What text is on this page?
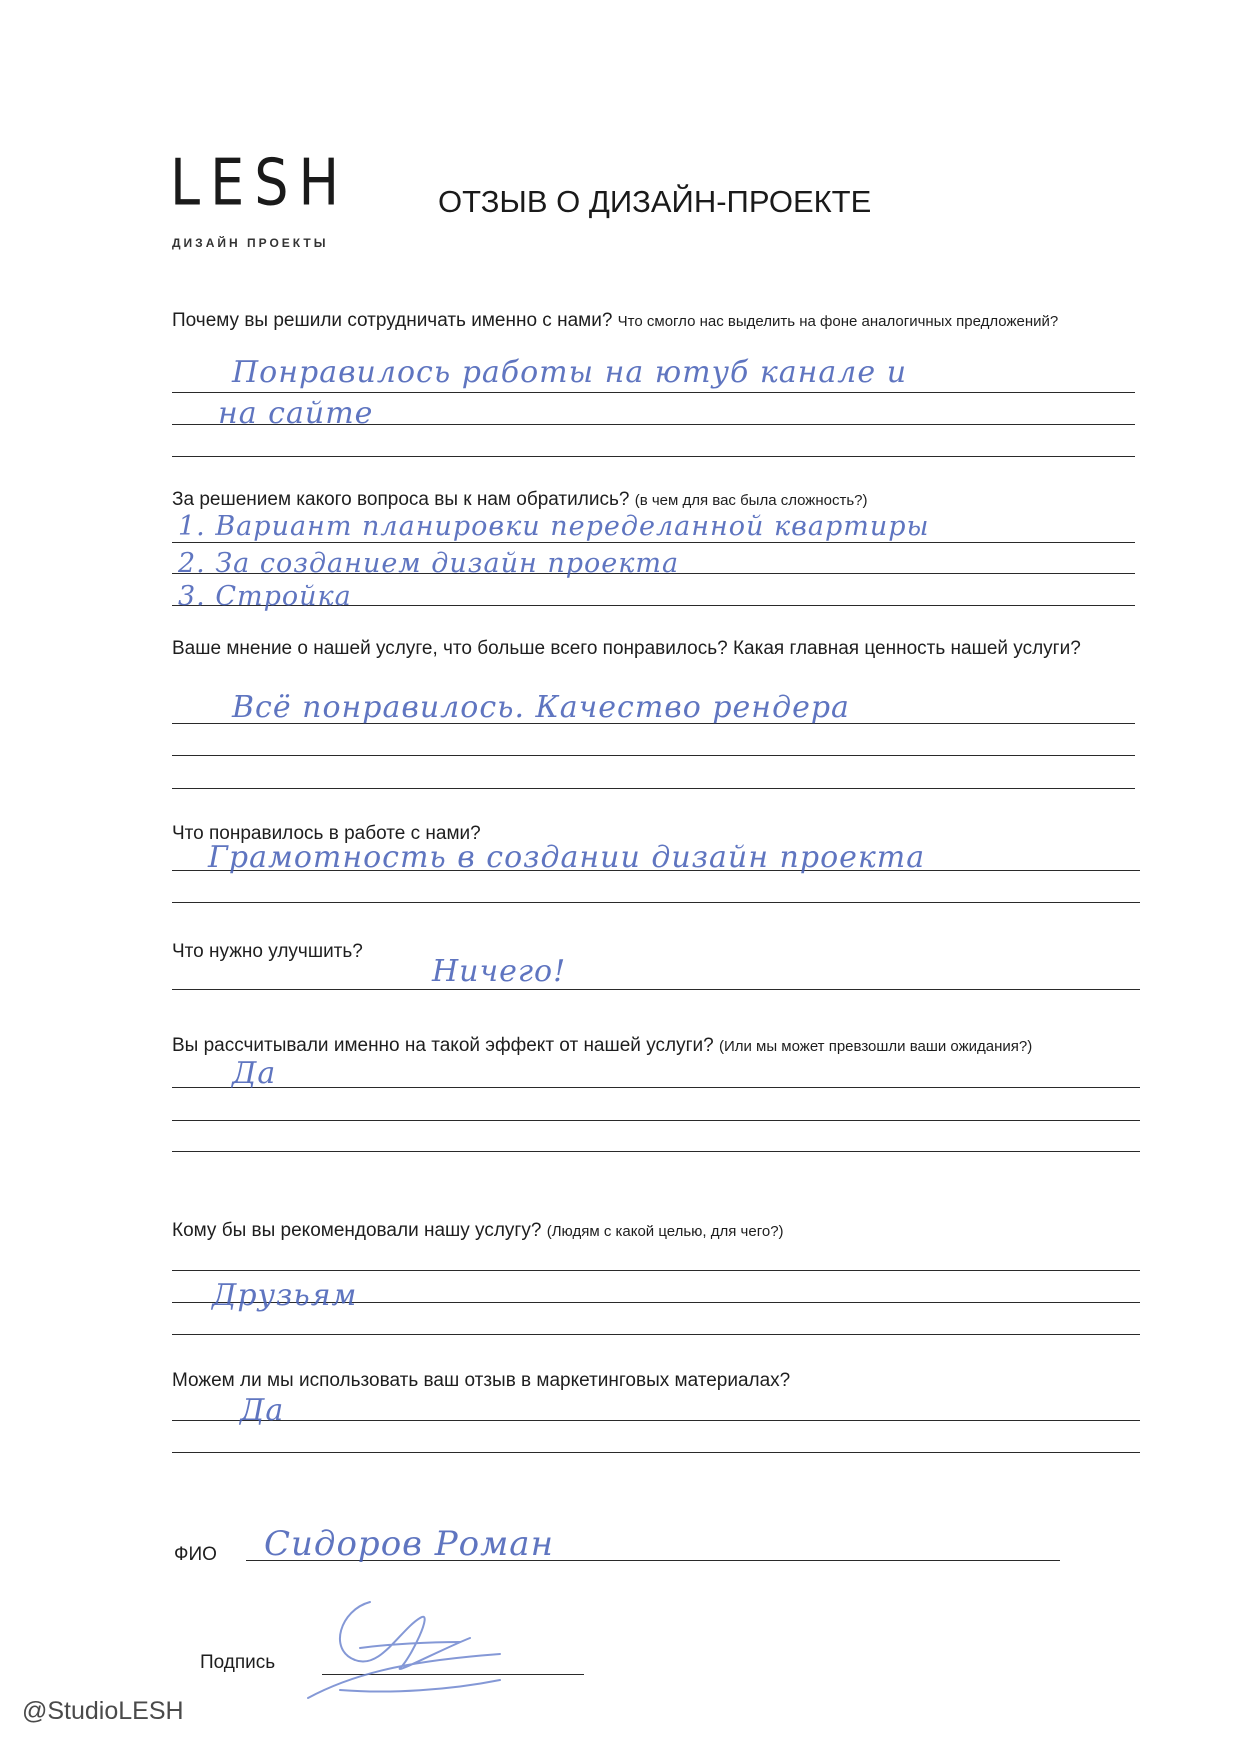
LESH
ДИЗАЙН ПРОЕКТЫ
ОТЗЫВ О ДИЗАЙН-ПРОЕКТЕ
Почему вы решили сотрудничать именно с нами? Что смогло нас выделить на фоне аналогичных предложений?
Понравилось работы на ютуб канале и
на сайте
За решением какого вопроса вы к нам обратились? (в чем для вас была сложность?)
1. Вариант планировки переделанной квартиры
2. За созданием дизайн проекта
3. Стройка
Ваше мнение о нашей услуге, что больше всего понравилось? Какая главная ценность нашей услуги?
Всё понравилось. Качество рендера
Что понравилось в работе с нами?
Грамотность в создании дизайн проекта
Что нужно улучшить?
Ничего!
Вы рассчитывали именно на такой эффект от нашей услуги? (Или мы может превзошли ваши ожидания?)
Да
Кому бы вы рекомендовали нашу услугу? (Людям с какой целью, для чего?)
Друзьям
Можем ли мы использовать ваш отзыв в маркетинговых материалах?
Да
ФИО Сидоров Роман
Подпись
@StudioLESH
